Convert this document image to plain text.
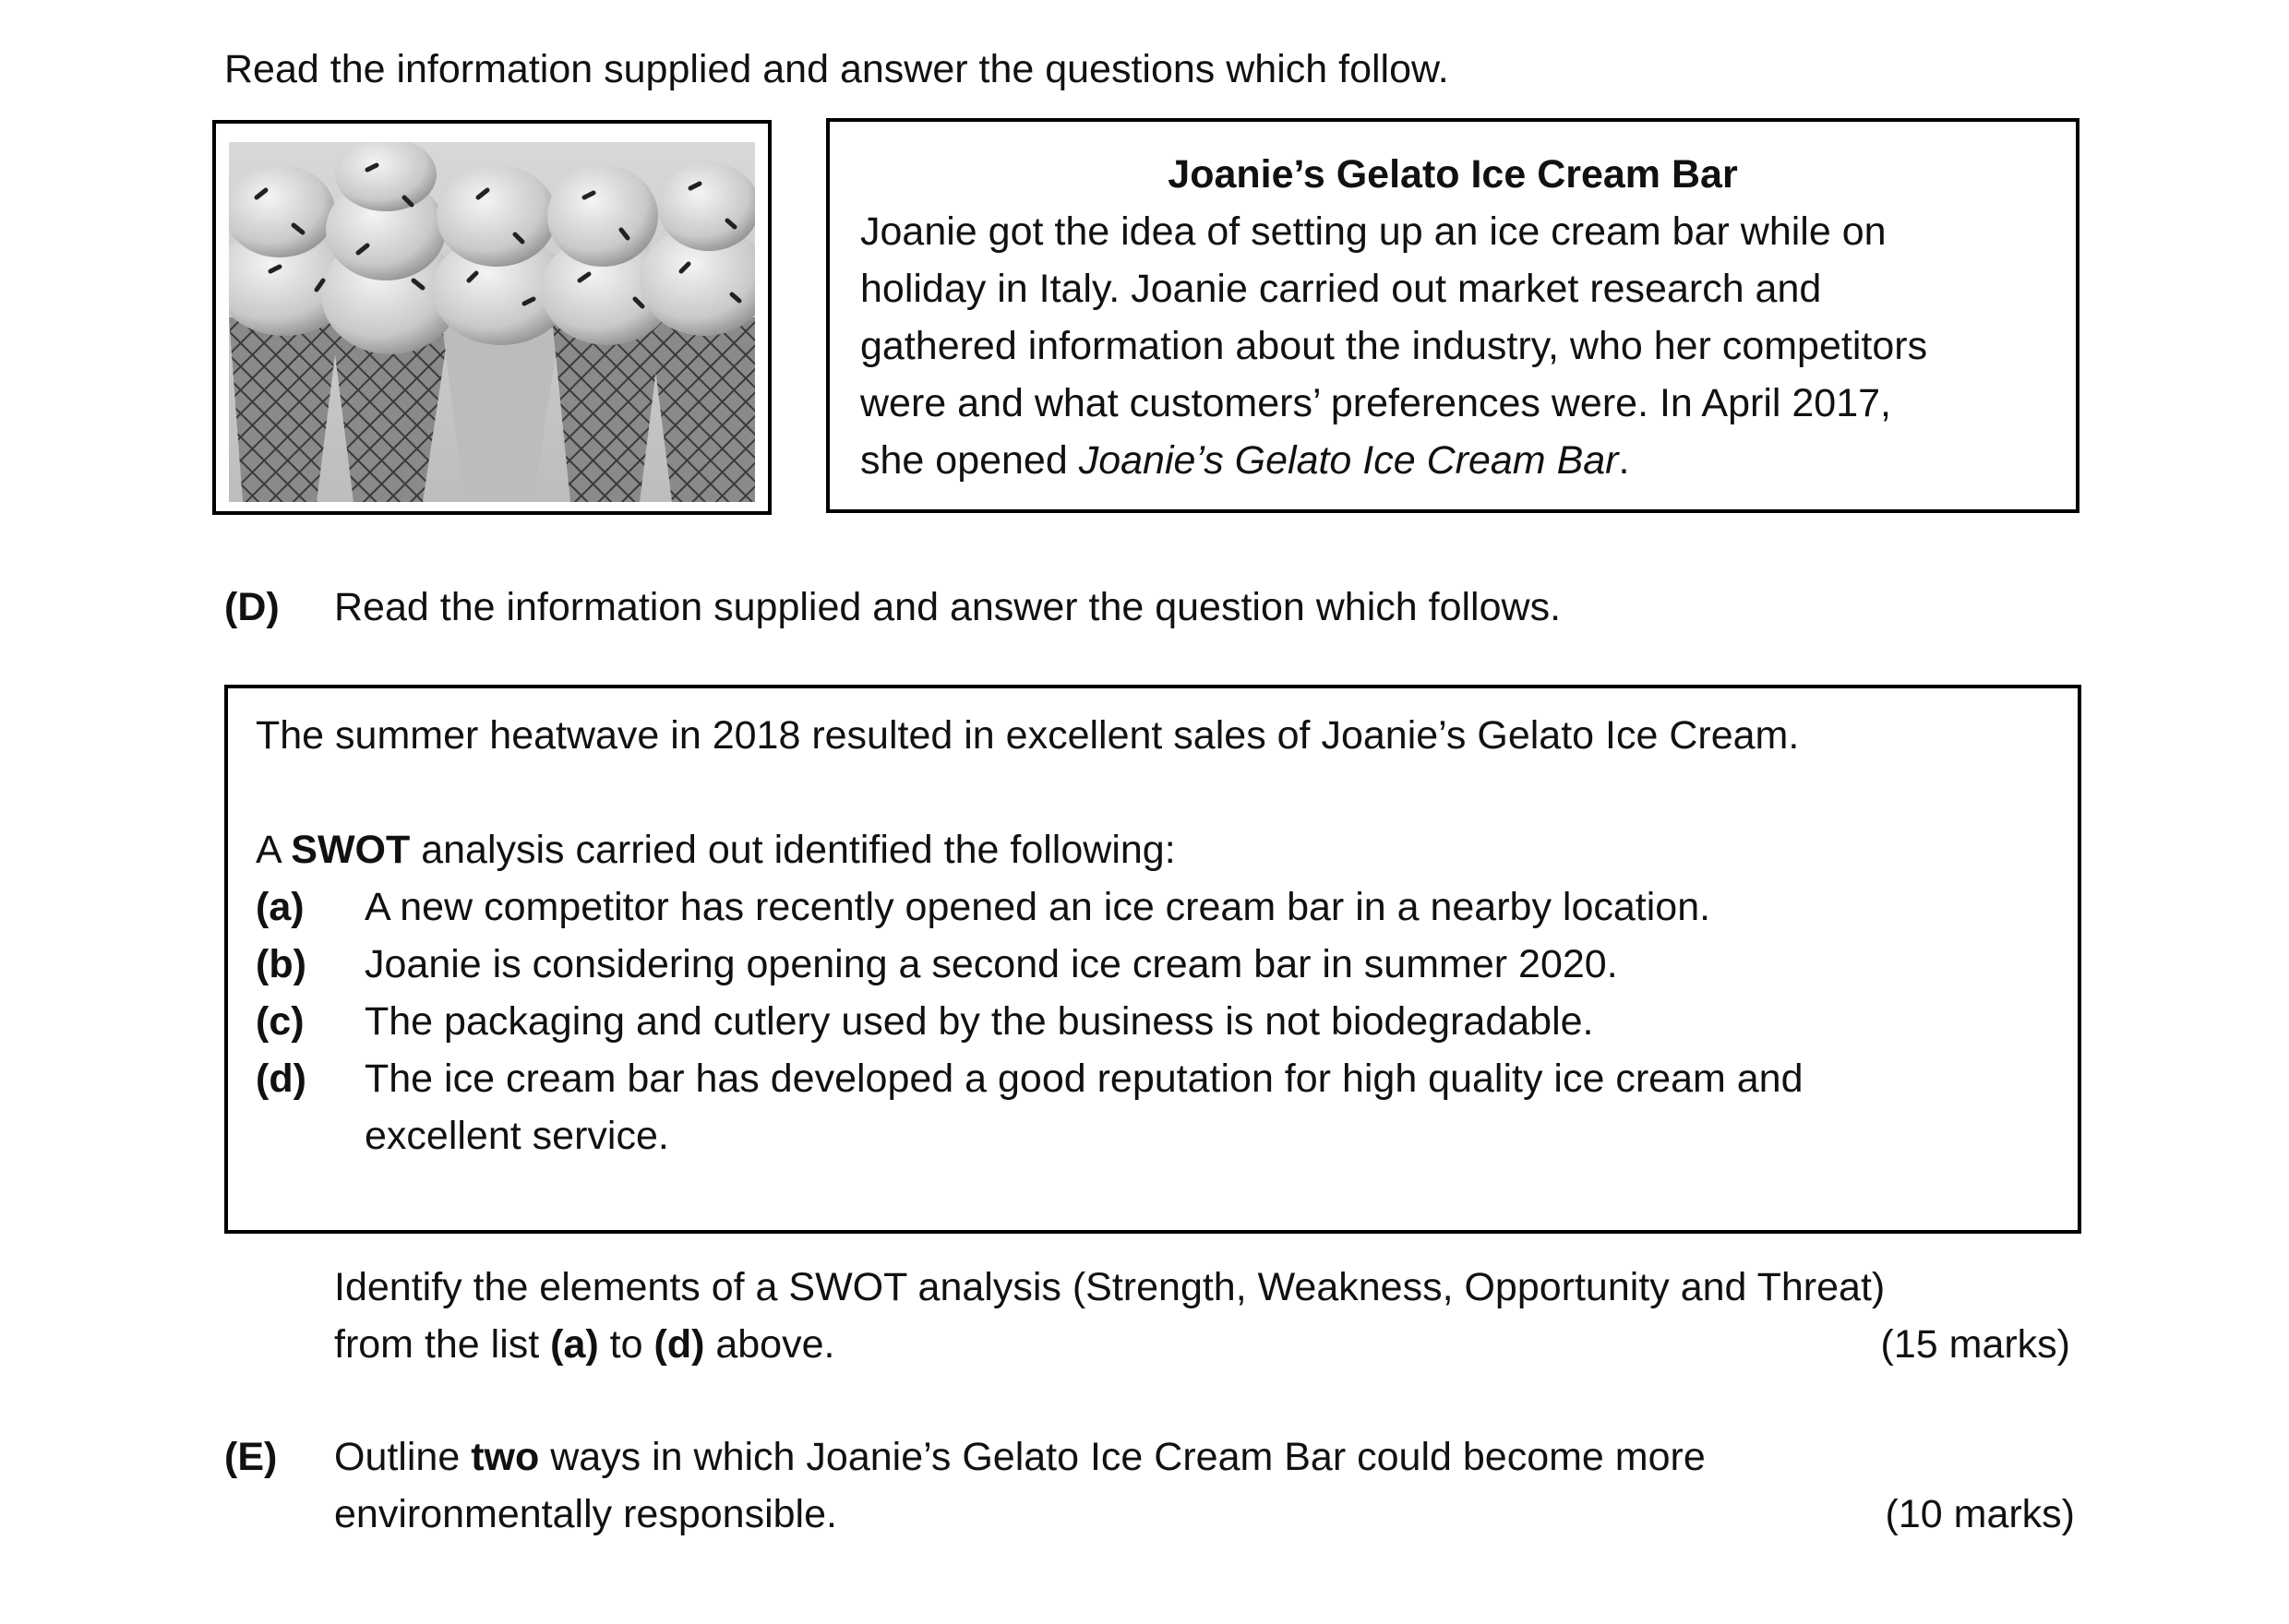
Read the information supplied and answer the questions which follow.
Joanie’s Gelato Ice Cream Bar
Joanie got the idea of setting up an ice cream bar while on
holiday in Italy. Joanie carried out market research and
gathered information about the industry, who her competitors
were and what customers’ preferences were. In April 2017,
she opened Joanie’s Gelato Ice Cream Bar.
(D) Read the information supplied and answer the question which follows.
The summer heatwave in 2018 resulted in excellent sales of Joanie’s Gelato Ice Cream.
A SWOT analysis carried out identified the following:
(a) A new competitor has recently opened an ice cream bar in a nearby location.
(b) Joanie is considering opening a second ice cream bar in summer 2020.
(c) The packaging and cutlery used by the business is not biodegradable.
(d) The ice cream bar has developed a good reputation for high quality ice cream and
excellent service.
Identify the elements of a SWOT analysis (Strength, Weakness, Opportunity and Threat)
from the list (a) to (d) above.	(15 marks)
(E) Outline two ways in which Joanie’s Gelato Ice Cream Bar could become more
environmentally responsible.	(10 marks)
